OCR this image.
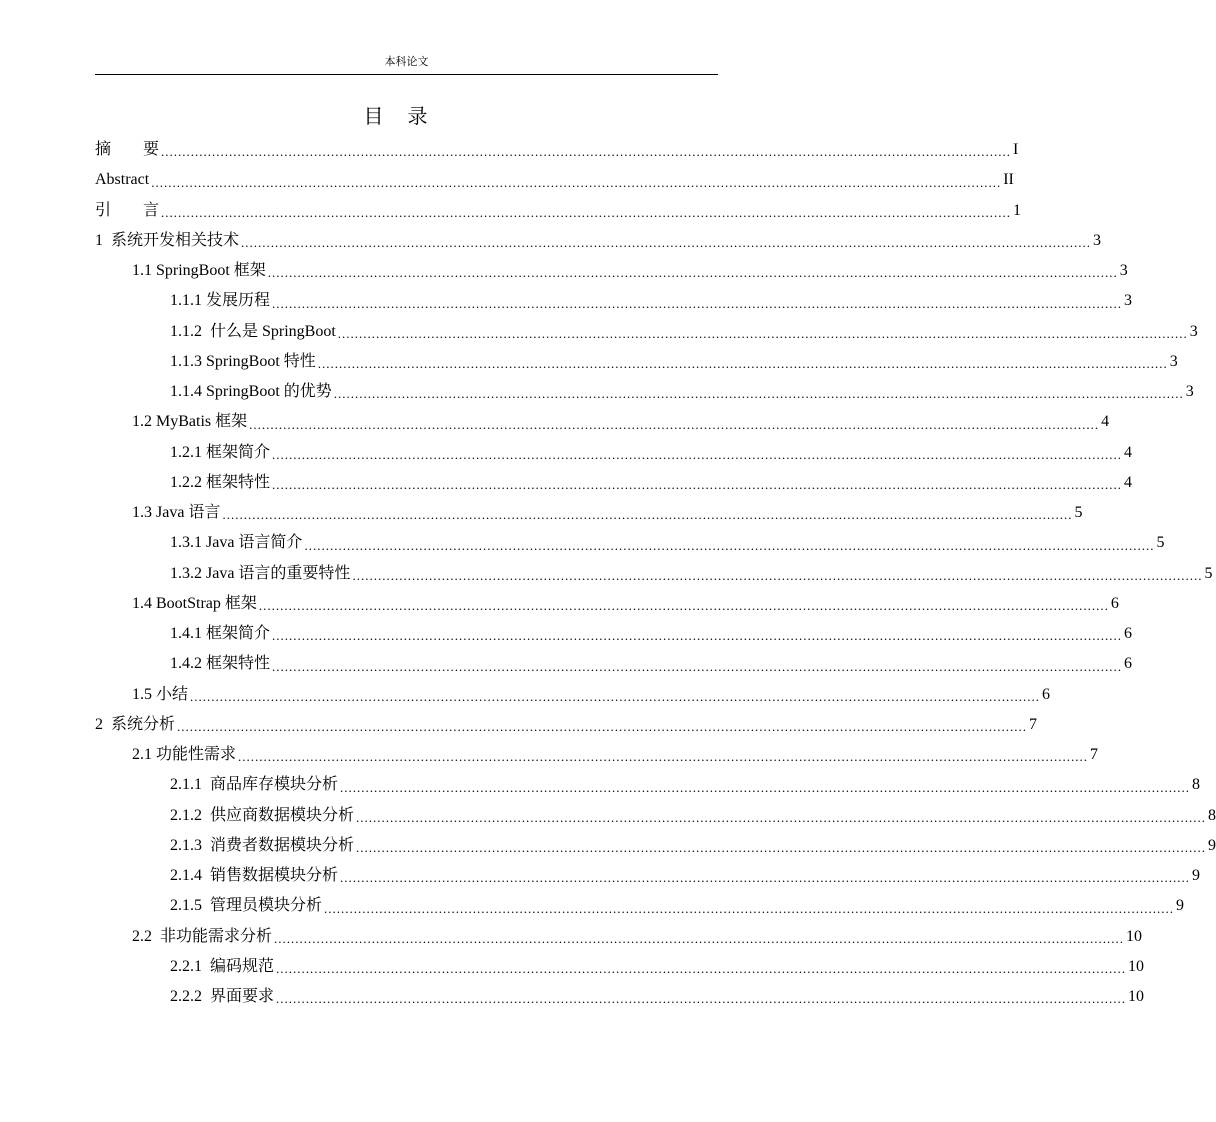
本科论文
目　录
摘　　要 ........................................................................................................................................................................................................ I
Abstract ........................................................................................................................................................................................................ II
引　　言 ........................................................................................................................................................................................................ 1
1  系统开发相关技术 ........................................................................................................................................................................................................ 3
1.1 SpringBoot 框架 ........................................................................................................................................................................................................ 3
1.1.1 发展历程 ........................................................................................................................................................................................................ 3
1.1.2  什么是 SpringBoot ........................................................................................................................................................................................................ 3
1.1.3 SpringBoot 特性 ........................................................................................................................................................................................................ 3
1.1.4 SpringBoot 的优势 ........................................................................................................................................................................................................ 3
1.2 MyBatis 框架 ........................................................................................................................................................................................................ 4
1.2.1 框架简介 ........................................................................................................................................................................................................ 4
1.2.2 框架特性 ........................................................................................................................................................................................................ 4
1.3 Java 语言 ........................................................................................................................................................................................................ 5
1.3.1 Java 语言简介 ........................................................................................................................................................................................................ 5
1.3.2 Java 语言的重要特性 ........................................................................................................................................................................................................ 5
1.4 BootStrap 框架 ........................................................................................................................................................................................................ 6
1.4.1 框架简介 ........................................................................................................................................................................................................ 6
1.4.2 框架特性 ........................................................................................................................................................................................................ 6
1.5 小结 ........................................................................................................................................................................................................ 6
2  系统分析 ........................................................................................................................................................................................................ 7
2.1 功能性需求 ........................................................................................................................................................................................................ 7
2.1.1  商品库存模块分析 ........................................................................................................................................................................................................ 8
2.1.2  供应商数据模块分析 ........................................................................................................................................................................................................ 8
2.1.3  消费者数据模块分析 ........................................................................................................................................................................................................ 9
2.1.4  销售数据模块分析 ........................................................................................................................................................................................................ 9
2.1.5  管理员模块分析 ........................................................................................................................................................................................................ 9
2.2  非功能需求分析 ........................................................................................................................................................................................................ 10
2.2.1  编码规范 ........................................................................................................................................................................................................ 10
2.2.2  界面要求 ........................................................................................................................................................................................................ 10
